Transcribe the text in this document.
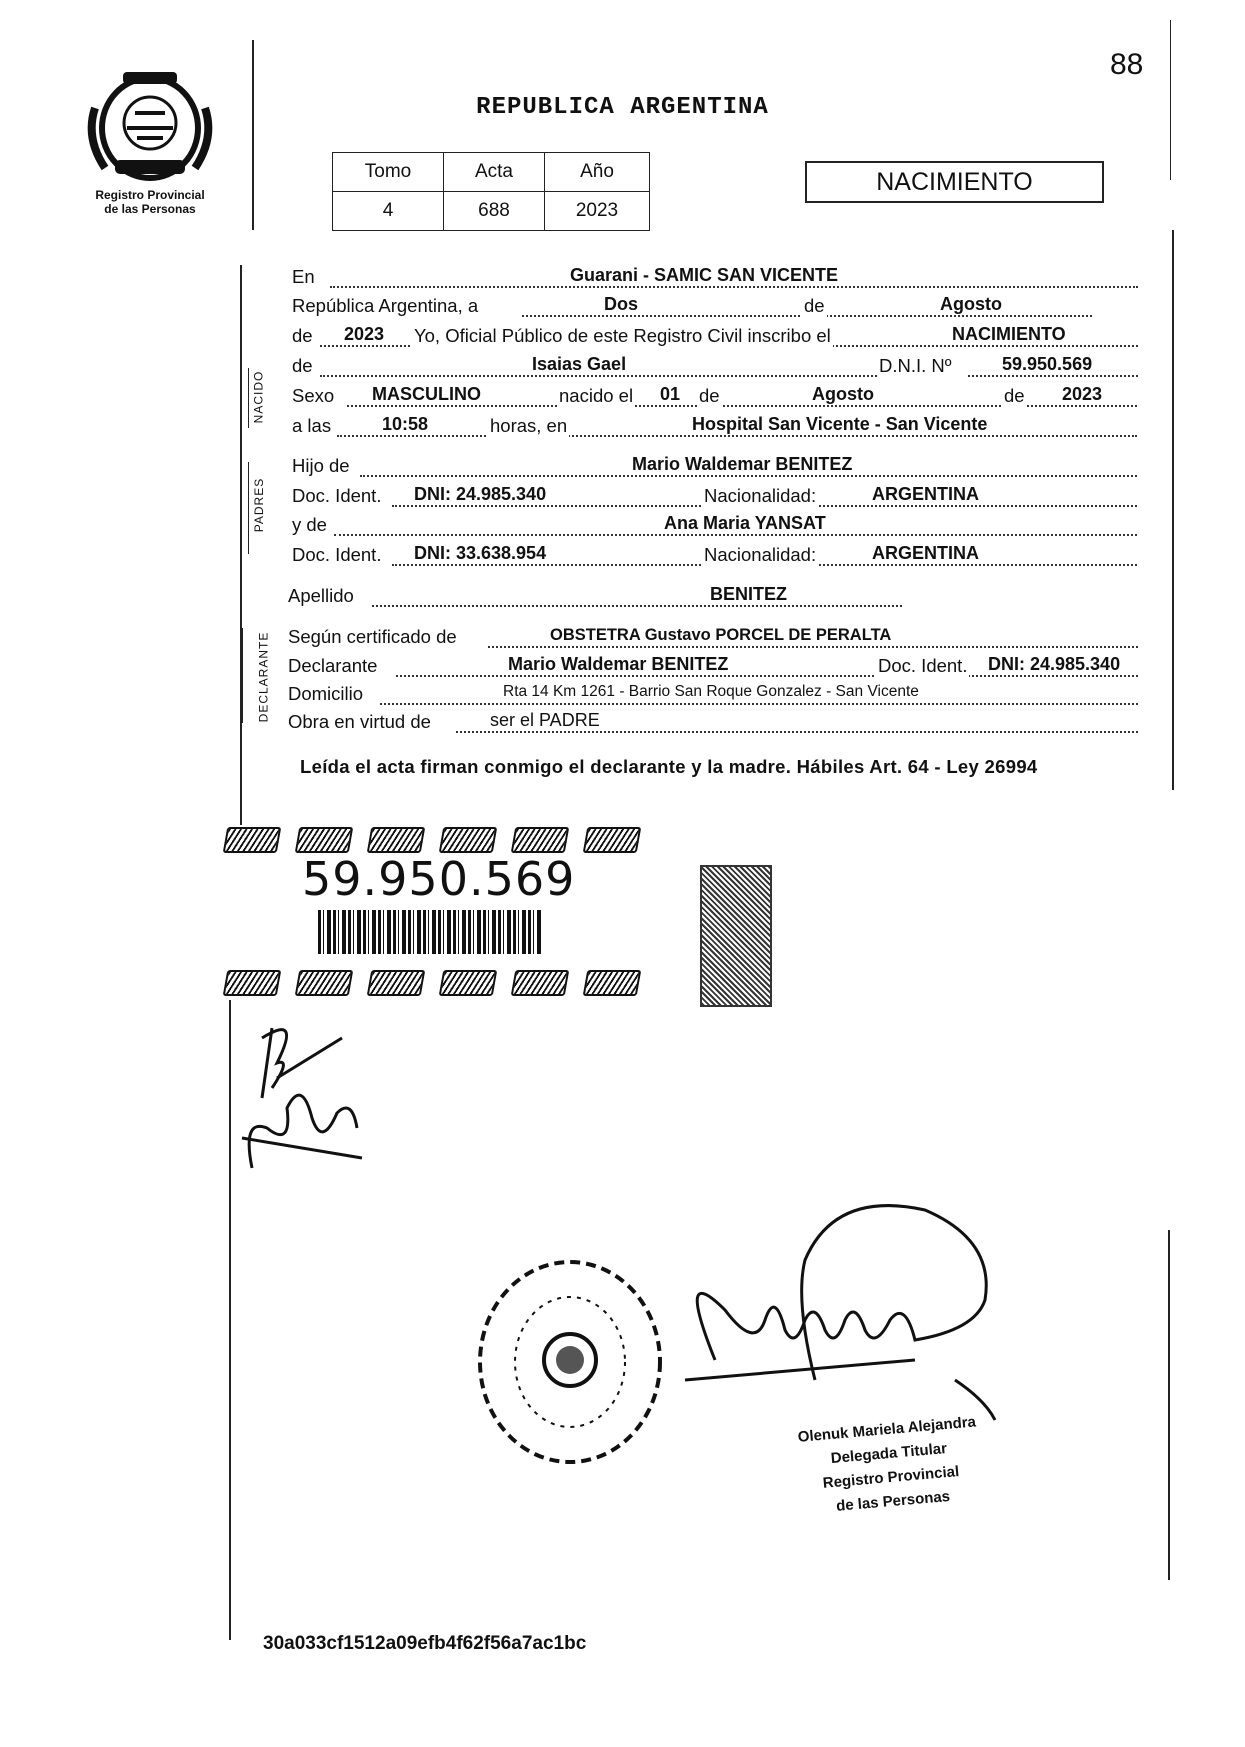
Registro Provincial
de las Personas
88
REPUBLICA ARGENTINA
Tomo	Acta	Año
4	688	2023
NACIMIENTO
NACIDO
PADRES
DECLARANTE
En	Guarani - SAMIC SAN VICENTE
República Argentina, a	Dos	de	Agosto
de 2023 Yo, Oficial Público de este Registro Civil inscribo el	NACIMIENTO
de	Isaias Gael	D.N.I. Nº	59.950.569
Sexo MASCULINO	nacido el 01 de	Agosto	de 2023
a las	10:58	horas, en	Hospital San Vicente - San Vicente
Hijo de	Mario Waldemar BENITEZ
Doc. Ident. DNI: 24.985.340	Nacionalidad:	ARGENTINA
y de	Ana Maria YANSAT
Doc. Ident. DNI: 33.638.954	Nacionalidad:	ARGENTINA
Apellido	BENITEZ
Según certificado de	OBSTETRA Gustavo PORCEL DE PERALTA
Declarante	Mario Waldemar BENITEZ	Doc. Ident. DNI: 24.985.340
Domicilio	Rta 14 Km 1261 - Barrio San Roque Gonzalez - San Vicente
Obra en virtud de	ser el PADRE
Leída el acta firman conmigo el declarante y la madre. Hábiles Art. 64 - Ley 26994
59.950.569
Olenuk Mariela Alejandra
Delegada Titular
Registro Provincial
de las Personas
30a033cf1512a09efb4f62f56a7ac1bc
